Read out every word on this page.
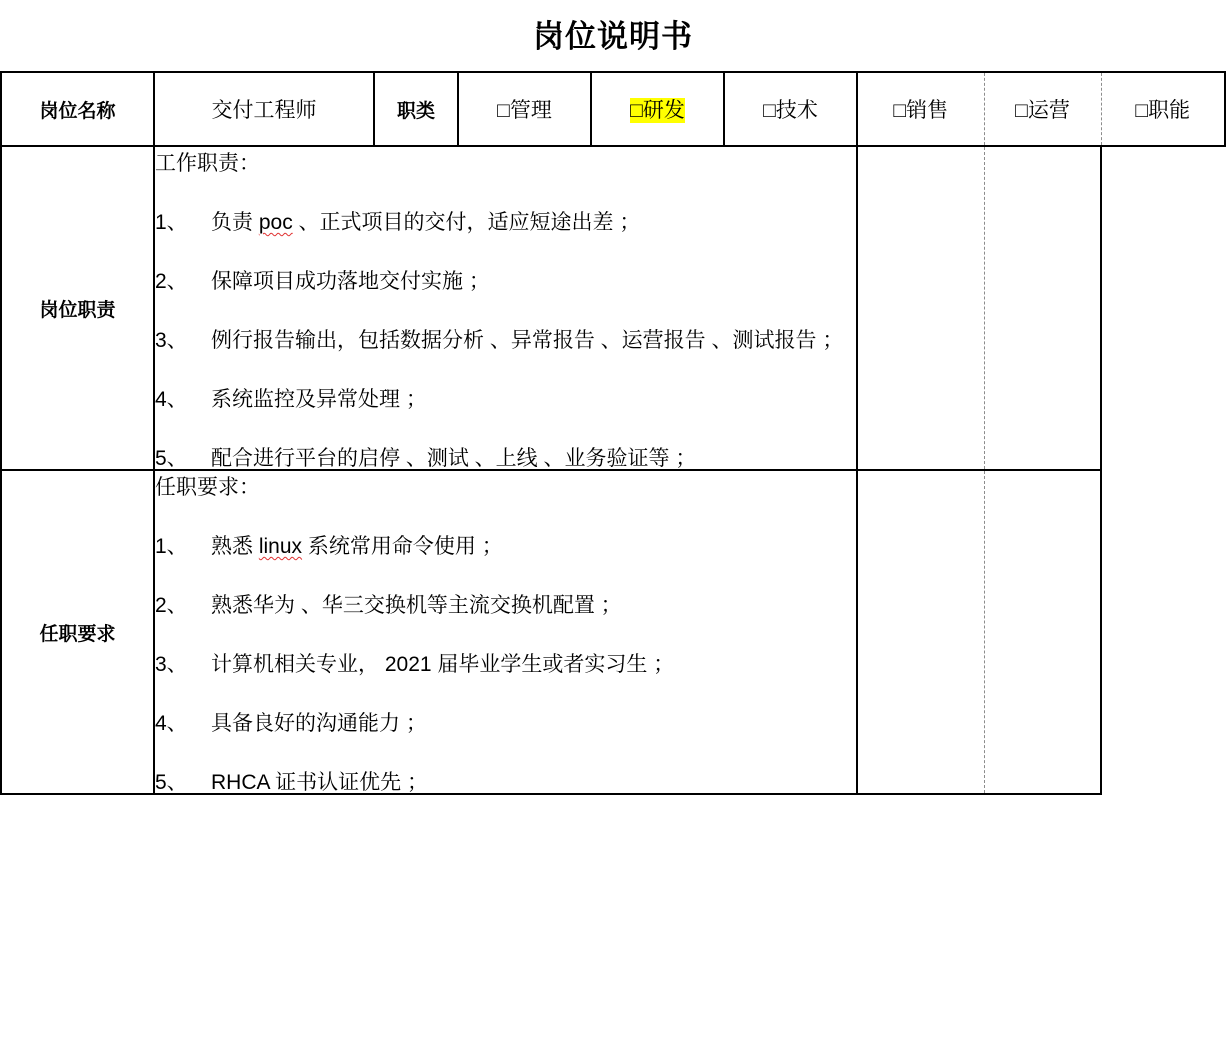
岗位说明书
岗位名称	交付工程师	职类	□管理	□研发	□技术	□销售	□运营	□职能
岗位职责	
工作职责：
1、	负责 poc 、正式项目的交付，适应短途出差 ；
2、	保障项目成功落地交付实施 ；
3、	例行报告输出，包括数据分析 、异常报告 、运营报告 、测试报告 ；
4、	系统监控及异常处理 ；
5、	配合进行平台的启停 、测试 、上线 、业务验证等 ；

任职要求	
任职要求：
1、	熟悉 linux 系统常用命令使用 ；
2、	熟悉华为 、华三交换机等主流交换机配置 ；
3、	计算机相关专业， 2021 届毕业学生或者实习生 ；
4、	具备良好的沟通能力 ；
5、	RHCA 证书认证优先 ；
